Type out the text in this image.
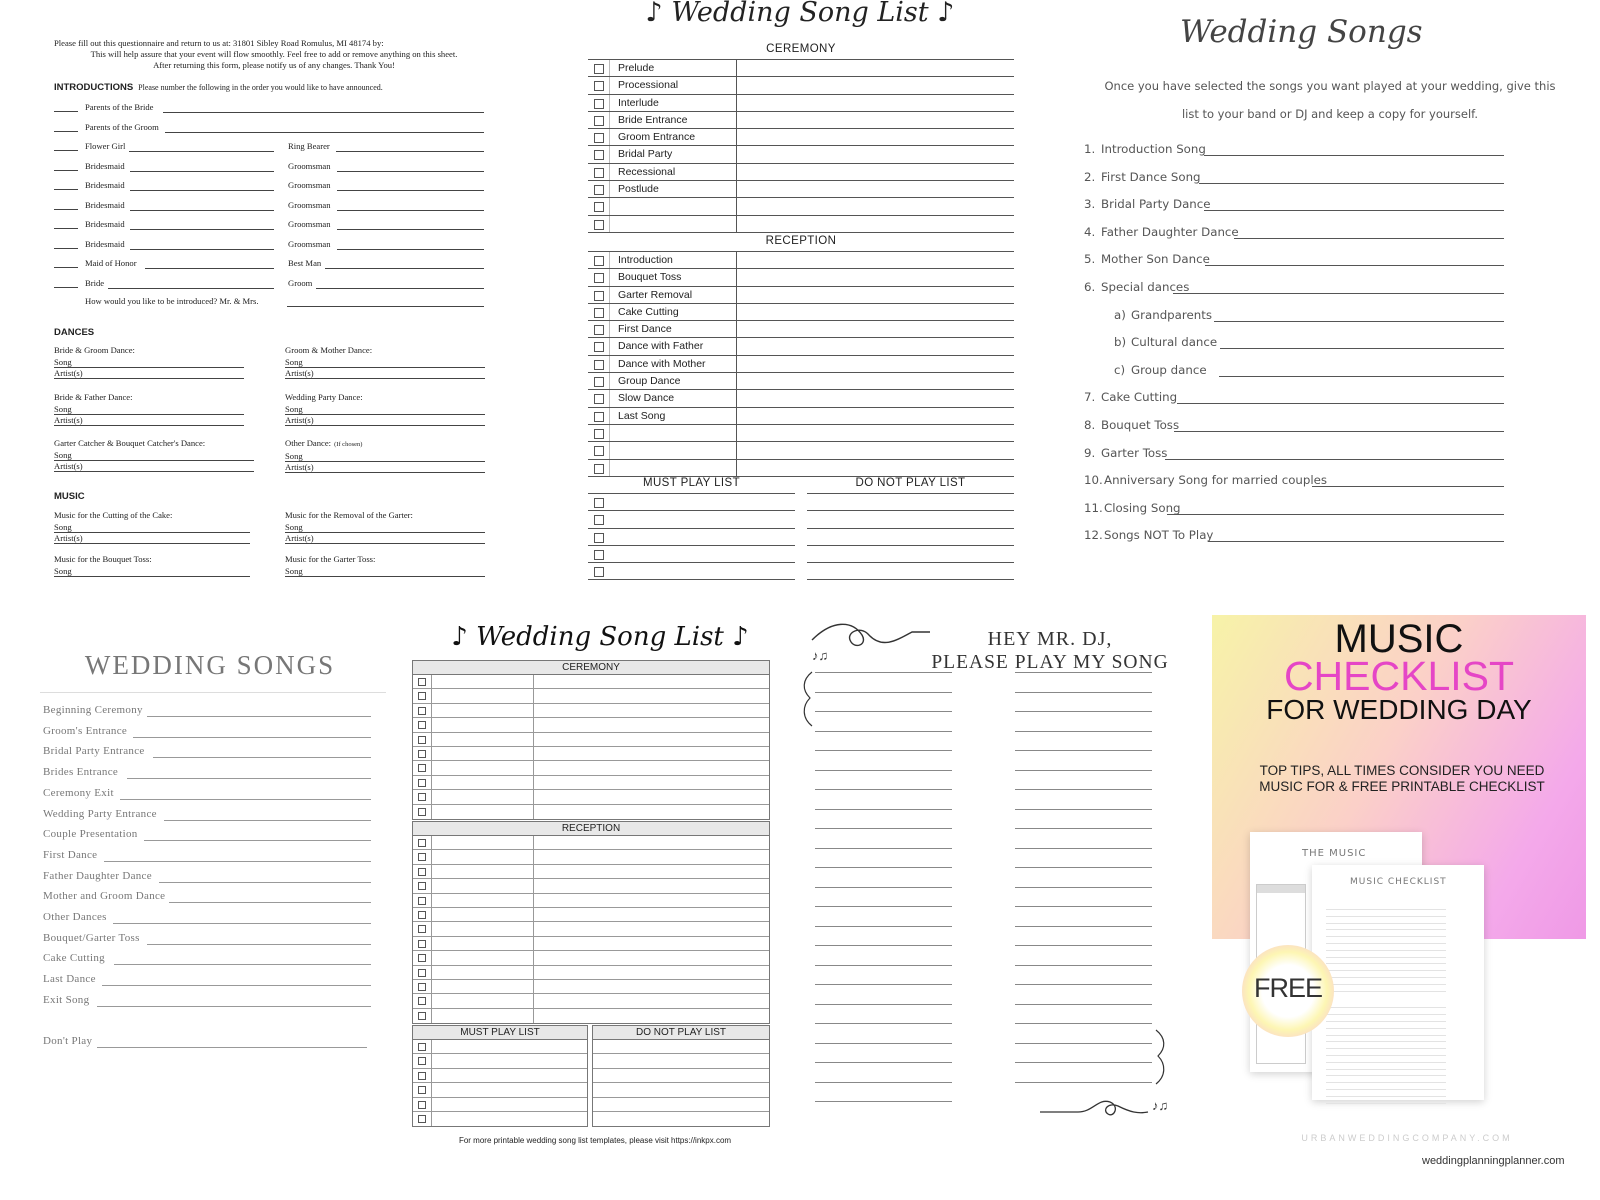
Please fill out this questionnaire and return to us at: 31801 Sibley Road Romulus, MI 48174 by:
This will help assure that your event will flow smoothly. Feel free to add or remove anything on this sheet.
After returning this form, please notify us of any changes. Thank You!
INTRODUCTIONS Please number the following in the order you would like to have announced.
Parents of the Bride
Parents of the Groom
Flower Girl	Ring Bearer
Bridesmaid	Groomsman
Bridesmaid	Groomsman
Bridesmaid	Groomsman
Bridesmaid	Groomsman
Bridesmaid	Groomsman
Maid of Honor	Best Man
Bride	Groom
How would you like to be introduced? Mr. & Mrs.
DANCES
Bride & Groom Dance:
Song
Artist(s)
Groom & Mother Dance:
Song
Artist(s)
Bride & Father Dance:
Song
Artist(s)
Wedding Party Dance:
Song
Artist(s)
Garter Catcher & Bouquet Catcher's Dance:
Song
Artist(s)
Other Dance: (If chosen)
Song
Artist(s)
MUSIC
Music for the Cutting of the Cake:
Song
Artist(s)
Music for the Removal of the Garter:
Song
Artist(s)
Music for the Bouquet Toss:
Song
Music for the Garter Toss:
Song
♪ Wedding Song List ♪
CEREMONY
Prelude
Processional
Interlude
Bride Entrance
Groom Entrance
Bridal Party
Recessional
Postlude
RECEPTION
Introduction
Bouquet Toss
Garter Removal
Cake Cutting
First Dance
Dance with Father
Dance with Mother
Group Dance
Slow Dance
Last Song
MUST PLAY LIST	DO NOT PLAY LIST
Wedding Songs
Once you have selected the songs you want played at your wedding, give this
list to your band or DJ and keep a copy for yourself.
1. Introduction Song
2. First Dance Song
3. Bridal Party Dance
4. Father Daughter Dance
5. Mother Son Dance
6. Special dances
a) Grandparents
b) Cultural dance
c) Group dance
7. Cake Cutting
8. Bouquet Toss
9. Garter Toss
10. Anniversary Song for married couples
11. Closing Song
12. Songs NOT To Play
WEDDING SONGS
Beginning Ceremony
Groom's Entrance
Bridal Party Entrance
Brides Entrance
Ceremony Exit
Wedding Party Entrance
Couple Presentation
First Dance
Father Daughter Dance
Mother and Groom Dance
Other Dances
Bouquet/Garter Toss
Cake Cutting
Last Dance
Exit Song
Don't Play
♪ Wedding Song List ♪
CEREMONY
RECEPTION
MUST PLAY LIST	DO NOT PLAY LIST
For more printable wedding song list templates, please visit https://inkpx.com
♪♫
HEY MR. DJ,
PLEASE PLAY MY SONG
♪♫
MUSIC
CHECKLIST
FOR WEDDING DAY
TOP TIPS, ALL TIMES CONSIDER YOU NEED MUSIC FOR & FREE PRINTABLE CHECKLIST
THE MUSIC
MUSIC CHECKLIST
FREE
URBANWEDDINGCOMPANY.COM
weddingplanningplanner.com
